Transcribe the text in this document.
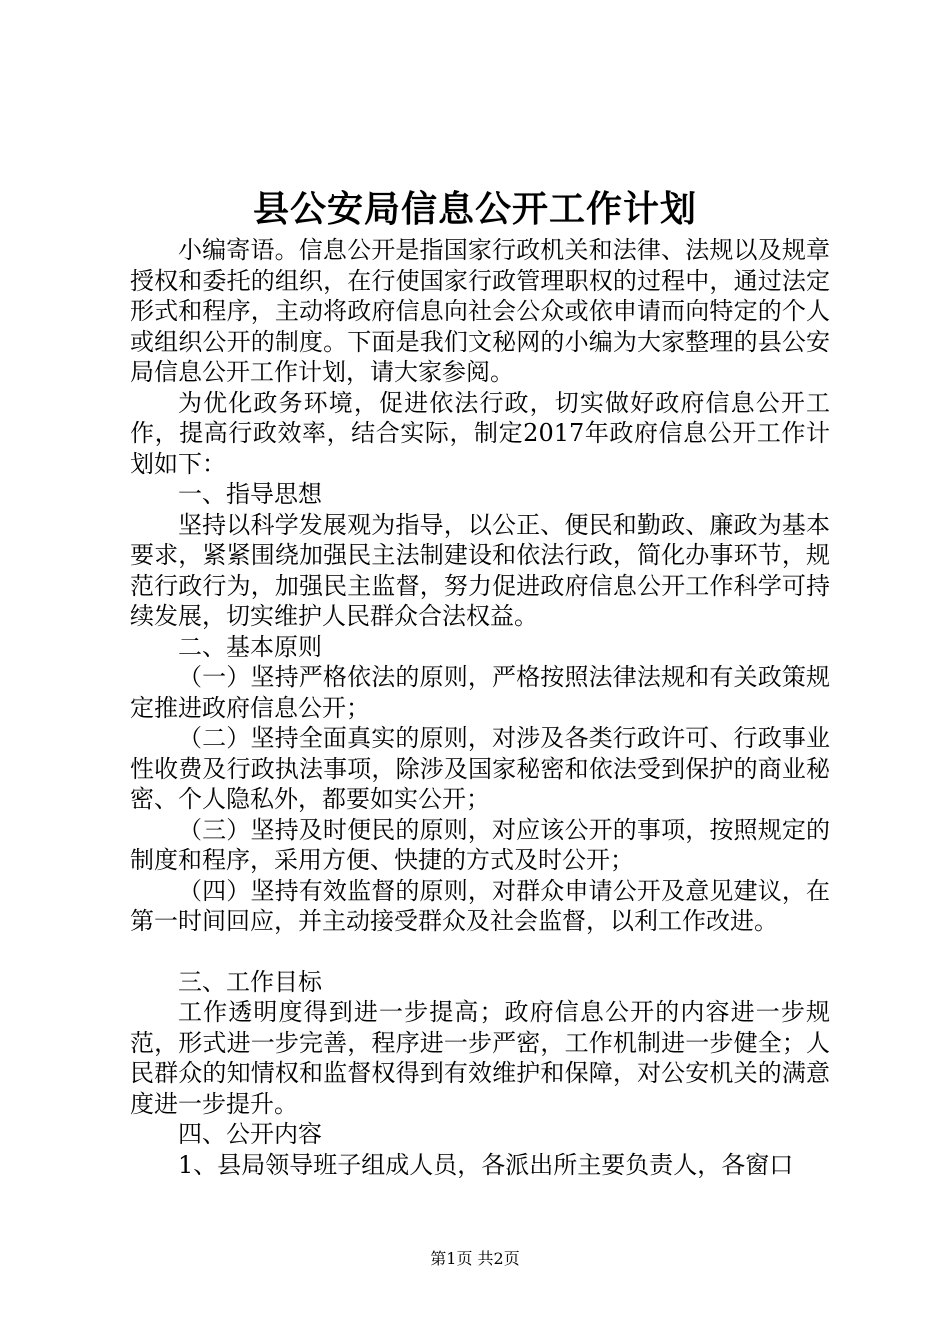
县公安局信息公开工作计划

小编寄语。信息公开是指国家行政机关和法律、法规以及规章授权和委托的组织，在行使国家行政管理职权的过程中，通过法定形式和程序，主动将政府信息向社会公众或依申请而向特定的个人或组织公开的制度。下面是我们文秘网的小编为大家整理的县公安局信息公开工作计划，请大家参阅。

为优化政务环境，促进依法行政，切实做好政府信息公开工作，提高行政效率，结合实际，制定2017年政府信息公开工作计划如下：

一、指导思想

坚持以科学发展观为指导，以公正、便民和勤政、廉政为基本要求，紧紧围绕加强民主法制建设和依法行政，简化办事环节，规范行政行为，加强民主监督，努力促进政府信息公开工作科学可持续发展，切实维护人民群众合法权益。

二、基本原则

（一）坚持严格依法的原则，严格按照法律法规和有关政策规定推进政府信息公开；

（二）坚持全面真实的原则，对涉及各类行政许可、行政事业性收费及行政执法事项，除涉及国家秘密和依法受到保护的商业秘密、个人隐私外，都要如实公开；

（三）坚持及时便民的原则，对应该公开的事项，按照规定的制度和程序，采用方便、快捷的方式及时公开；

（四）坚持有效监督的原则，对群众申请公开及意见建议，在第一时间回应，并主动接受群众及社会监督，以利工作改进。

三、工作目标

工作透明度得到进一步提高；政府信息公开的内容进一步规范，形式进一步完善，程序进一步严密，工作机制进一步健全；人民群众的知情权和监督权得到有效维护和保障，对公安机关的满意度进一步提升。

四、公开内容

1、县局领导班子组成人员，各派出所主要负责人，各窗口

第1页 共2页
